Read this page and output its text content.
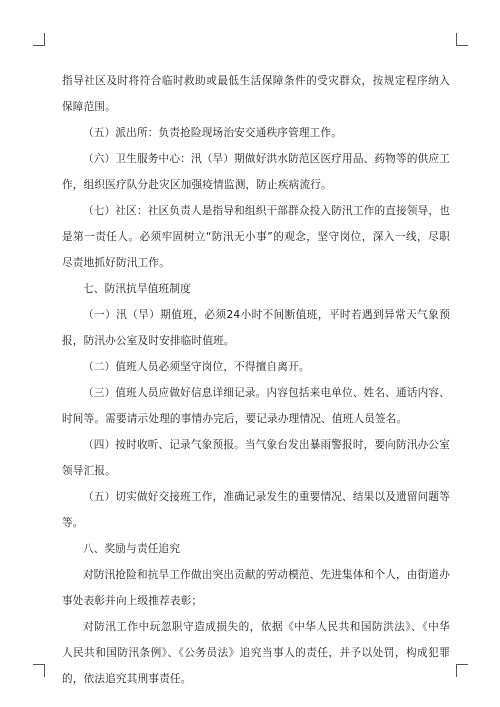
指导社区及时将符合临时救助或最低生活保障条件的受灾群众，按规定程序纳入保障范围。

（五）派出所：负责抢险现场治安交通秩序管理工作。

（六）卫生服务中心：汛（旱）期做好洪水防范区医疗用品、药物等的供应工作，组织医疗队分赴灾区加强疫情监测，防止疾病流行。

（七）社区：社区负责人是指导和组织干部群众投入防汛工作的直接领导，也是第一责任人。必须牢固树立“防汛无小事”的观念，坚守岗位，深入一线，尽职尽责地抓好防汛工作。

七、防汛抗旱值班制度

（一）汛（旱）期值班，必须24小时不间断值班，平时若遇到异常天气象预报，防汛办公室及时安排临时值班。

（二）值班人员必须坚守岗位，不得擅自离开。

（三）值班人员应做好信息详细记录。内容包括来电单位、姓名、通话内容、时间等。需要请示处理的事情办完后，要记录办理情况、值班人员签名。

（四）按时收听、记录气象预报。当气象台发出暴雨警报时，要向防汛办公室领导汇报。

（五）切实做好交接班工作，准确记录发生的重要情况、结果以及遗留问题等等。

八、奖励与责任追究

对防汛抢险和抗旱工作做出突出贡献的劳动模范、先进集体和个人，由街道办事处表彰并向上级推荐表彰；

对防汛工作中玩忽职守造成损失的，依据《中华人民共和国防洪法》、《中华人民共和国防汛条例》、《公务员法》追究当事人的责任，并予以处罚，构成犯罪的，依法追究其刑事责任。
